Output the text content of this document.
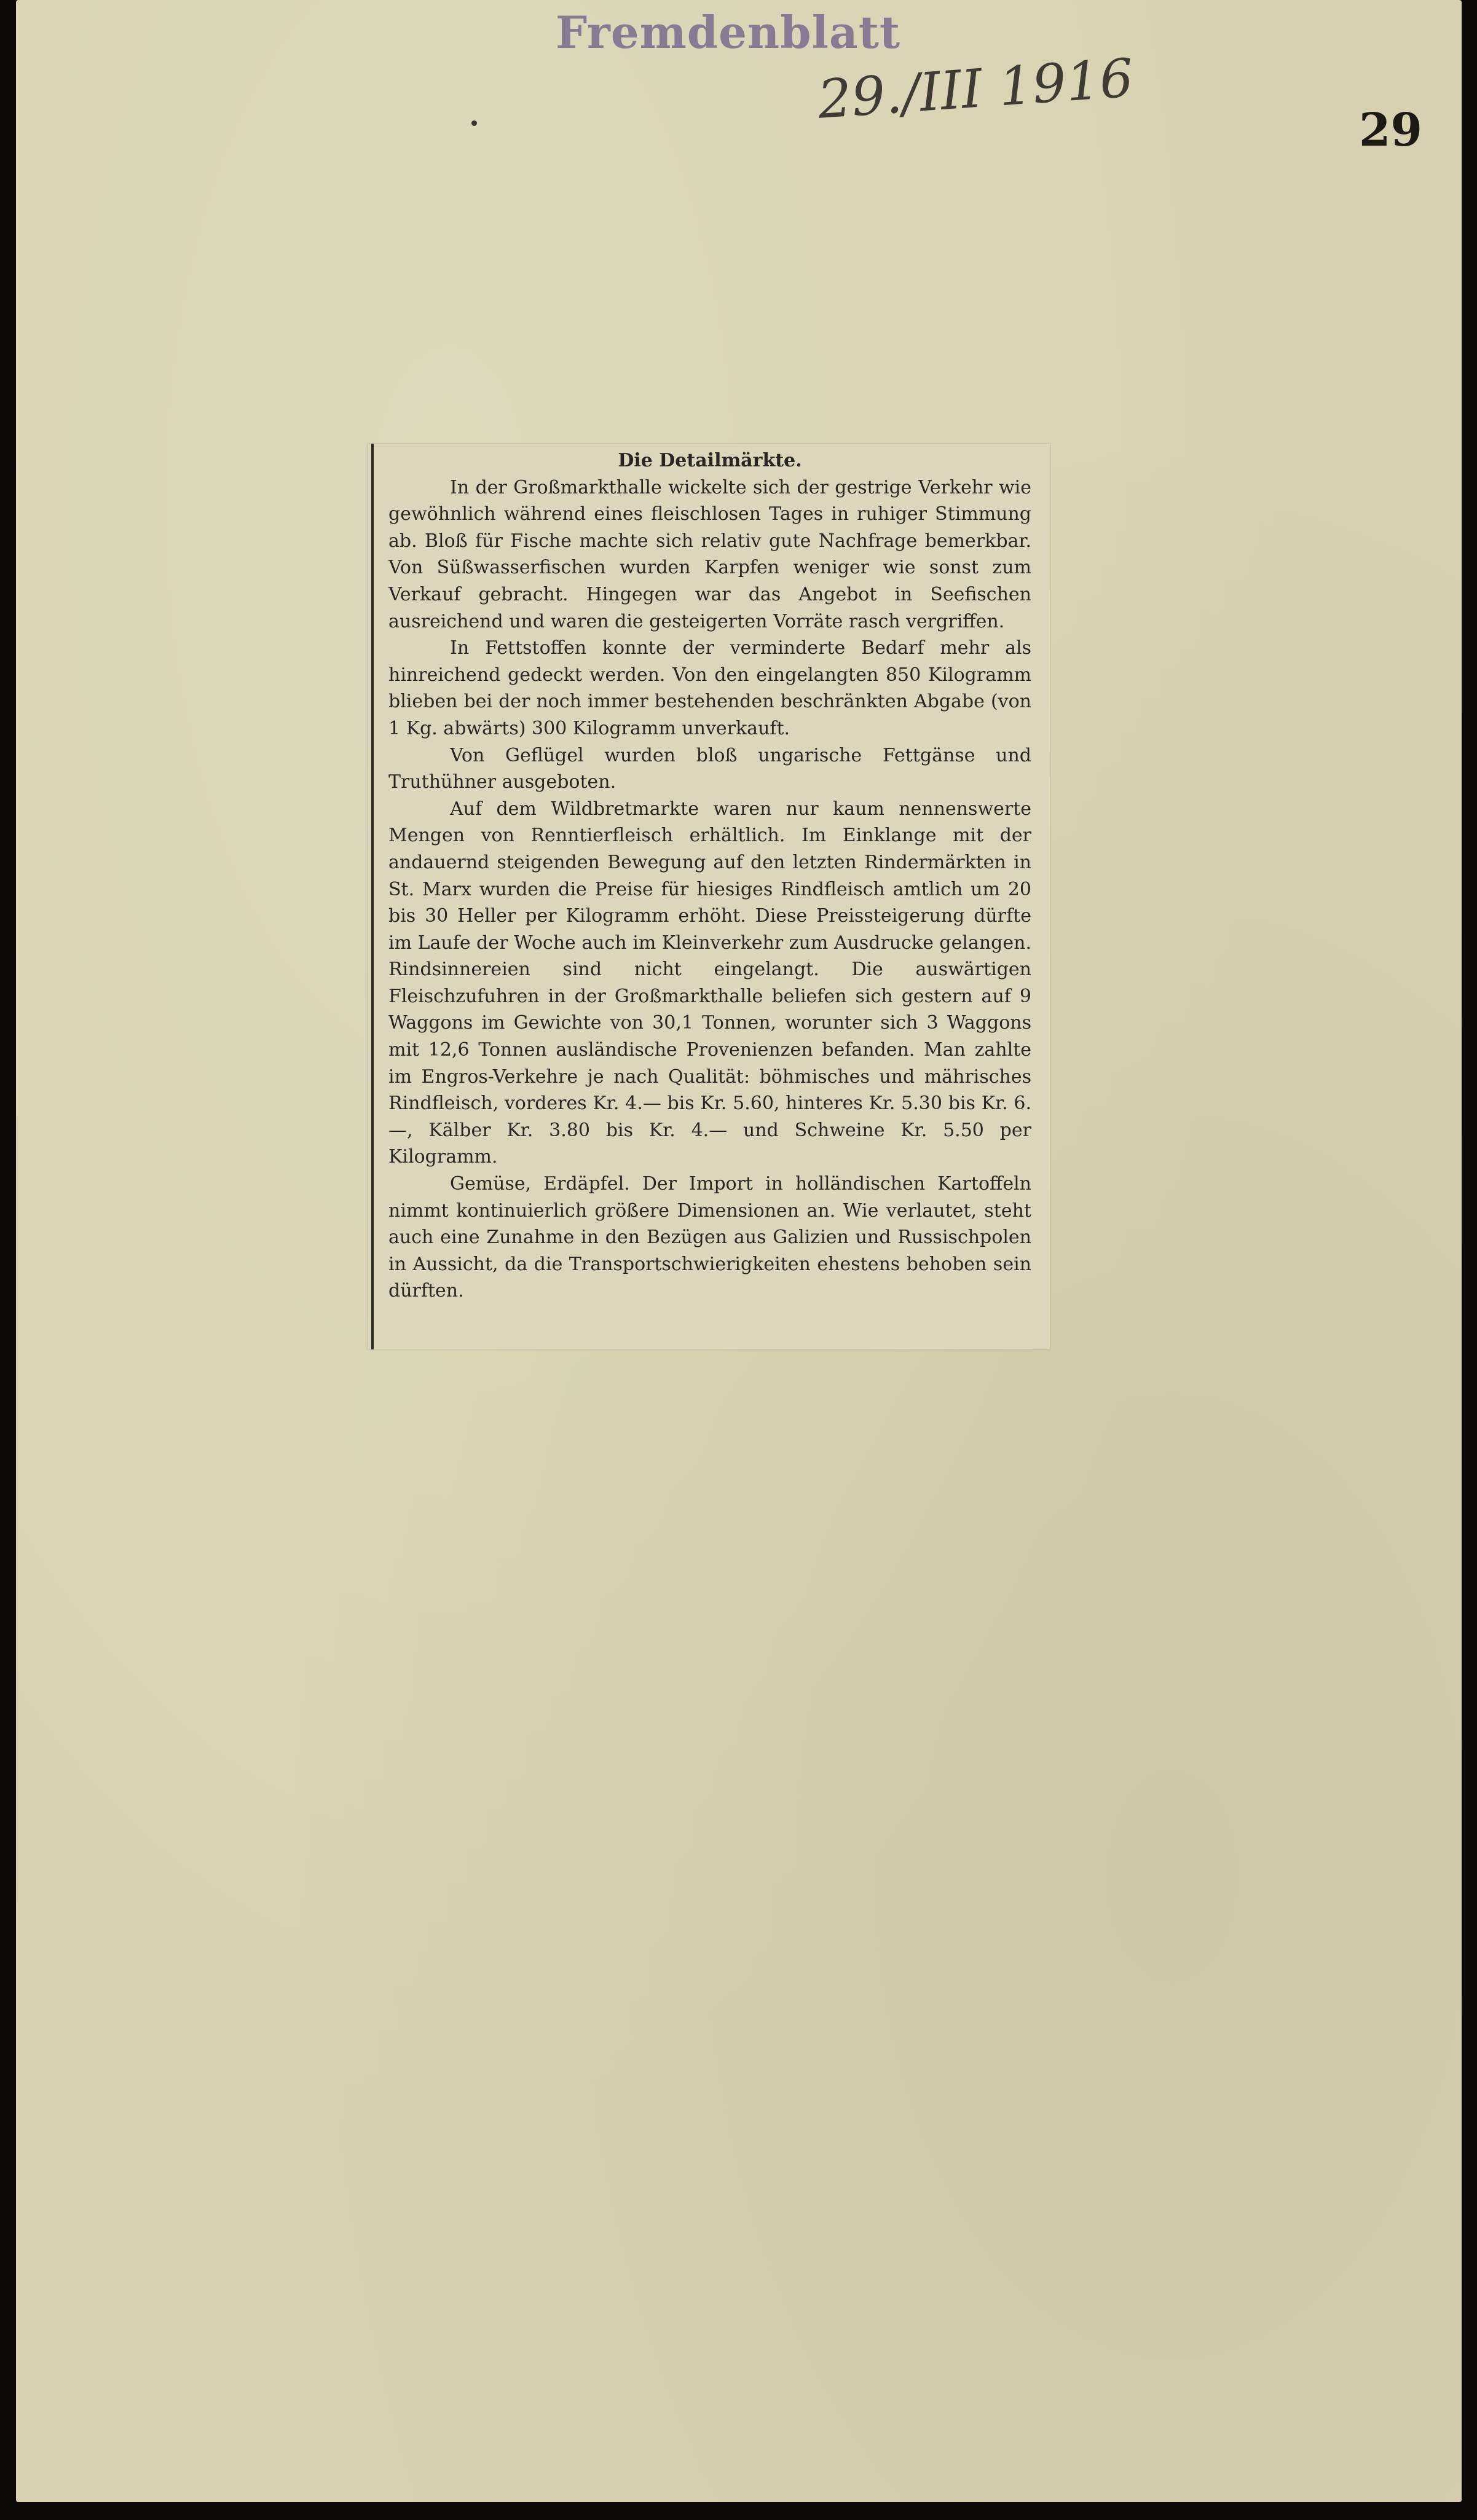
Fremdenblatt
29./III 1916	29
Die Detailmärkte.

In der Großmarkthalle wickelte sich der gestrige Verkehr wie gewöhnlich während eines fleischlosen Tages in ruhiger Stimmung ab. Bloß für Fische machte sich relativ gute Nachfrage bemerkbar. Von Süßwasserfischen wurden Karpfen weniger wie sonst zum Verkauf gebracht. Hingegen war das Angebot in Seefischen ausreichend und waren die gesteigerten Vorräte rasch vergriffen.

In Fettstoffen konnte der verminderte Bedarf mehr als hinreichend gedeckt werden. Von den eingelangten 850 Kilogramm blieben bei der noch immer bestehenden beschränkten Abgabe (von 1 Kg. abwärts) 300 Kilogramm unverkauft.

Von Geflügel wurden bloß ungarische Fettgänse und Truthühner ausgeboten.

Auf dem Wildbretmarkte waren nur kaum nennenswerte Mengen von Renntierfleisch erhältlich. Im Einklange mit der andauernd steigenden Bewegung auf den letzten Rindermärkten in St. Marx wurden die Preise für hiesiges Rindfleisch amtlich um 20 bis 30 Heller per Kilogramm erhöht. Diese Preissteigerung dürfte im Laufe der Woche auch im Kleinverkehr zum Ausdrucke gelangen. Rindsinnereien sind nicht eingelangt. Die auswärtigen Fleischzufuhren in der Großmarkthalle beliefen sich gestern auf 9 Waggons im Gewichte von 30,1 Tonnen, worunter sich 3 Waggons mit 12,6 Tonnen ausländische Provenienzen befanden. Man zahlte im Engros-Verkehre je nach Qualität: böhmisches und mährisches Rindfleisch, vorderes Kr. 4.— bis Kr. 5.60, hinteres Kr. 5.30 bis Kr. 6.—, Kälber Kr. 3.80 bis Kr. 4.— und Schweine Kr. 5.50 per Kilogramm.

Gemüse, Erdäpfel. Der Import in holländischen Kartoffeln nimmt kontinuierlich größere Dimensionen an. Wie verlautet, steht auch eine Zunahme in den Bezügen aus Galizien und Russischpolen in Aussicht, da die Transportschwierigkeiten ehestens behoben sein dürften.
